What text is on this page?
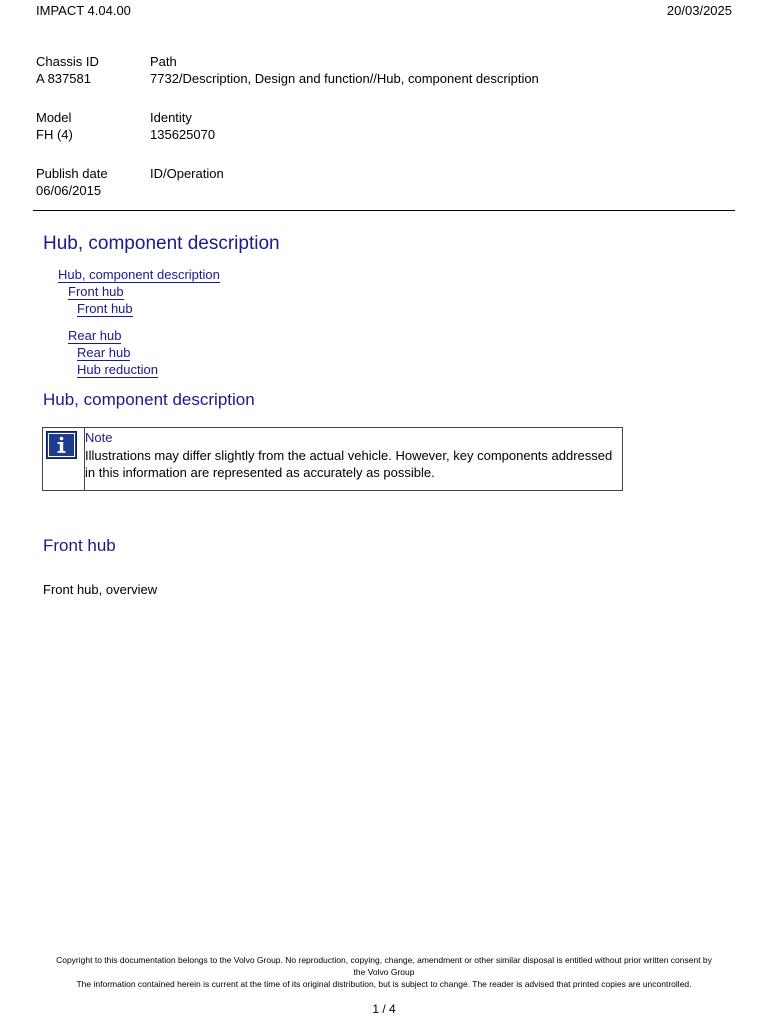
IMPACT 4.04.00	20/03/2025
Chassis ID
A 837581
Path
7732/Description, Design and function//Hub, component description
Model
FH (4)
Identity
135625070
Publish date
06/06/2015
ID/Operation
Hub, component description
Hub, component description
Front hub
Front hub
Rear hub
Rear hub
Hub reduction
Hub, component description
Note
Illustrations may differ slightly from the actual vehicle. However, key components addressed
in this information are represented as accurately as possible.
Front hub
Front hub, overview
Copyright to this documentation belongs to the Volvo Group. No reproduction, copying, change, amendment or other similar disposal is entitled without prior written consent by
the Volvo Group
The information contained herein is current at the time of its original distribution, but is subject to change. The reader is advised that printed copies are uncontrolled.
1 / 4
